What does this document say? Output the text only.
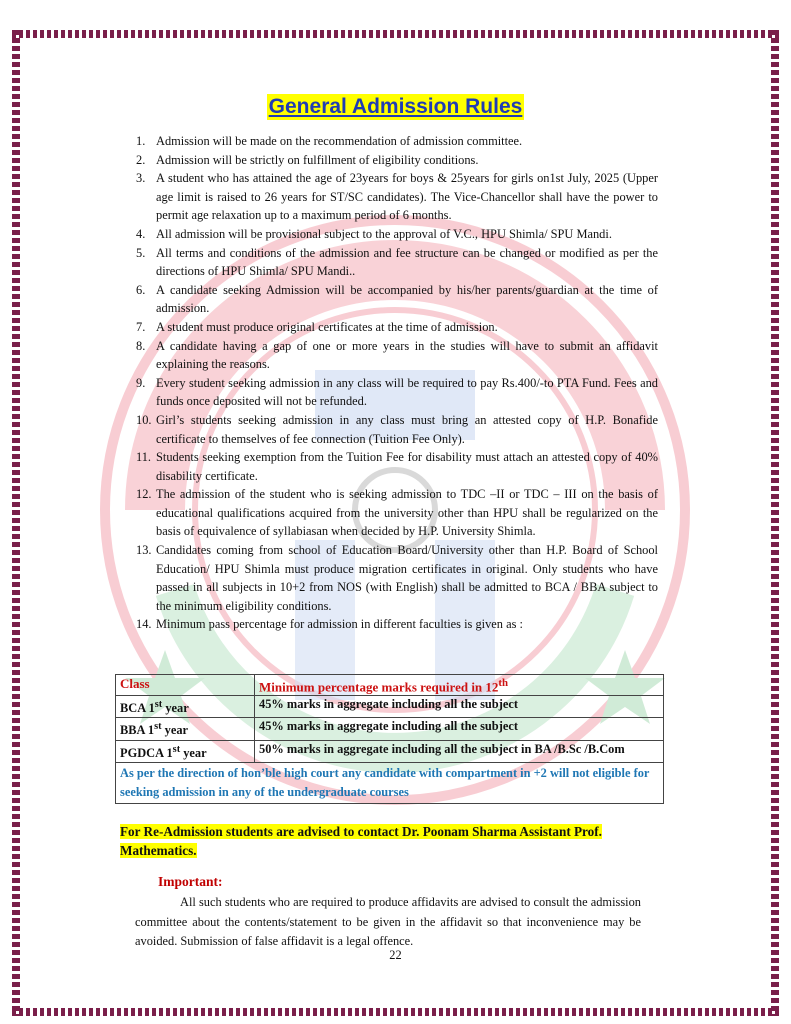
General Admission Rules
1. Admission will be made on the recommendation of admission committee.
2. Admission will be strictly on fulfillment of eligibility conditions.
3. A student who has attained the age of 23years for boys & 25years for girls on1st July, 2025 (Upper age limit is raised to 26 years for ST/SC candidates). The Vice-Chancellor shall have the power to permit age relaxation up to a maximum period of 6 months.
4. All admission will be provisional subject to the approval of V.C., HPU Shimla/ SPU Mandi.
5. All terms and conditions of the admission and fee structure can be changed or modified as per the directions of HPU Shimla/ SPU Mandi..
6. A candidate seeking Admission will be accompanied by his/her parents/guardian at the time of admission.
7. A student must produce original certificates at the time of admission.
8. A candidate having a gap of one or more years in the studies will have to submit an affidavit explaining the reasons.
9. Every student seeking admission in any class will be required to pay Rs.400/-to PTA Fund. Fees and funds once deposited will not be refunded.
10. Girl’s students seeking admission in any class must bring an attested copy of H.P. Bonafide certificate to themselves of fee connection (Tuition Fee Only).
11. Students seeking exemption from the Tuition Fee for disability must attach an attested copy of 40% disability certificate.
12. The admission of the student who is seeking admission to TDC –II or TDC – III on the basis of educational qualifications acquired from the university other than HPU shall be regularized on the basis of equivalence of syllabiasan when decided by H.P. University Shimla.
13. Candidates coming from school of Education Board/University other than H.P. Board of School Education/ HPU Shimla must produce migration certificates in original. Only students who have passed in all subjects in 10+2 from NOS (with English) shall be admitted to BCA / BBA subject to the minimum eligibility conditions.
14. Minimum pass percentage for admission in different faculties is given as :
Class	Minimum percentage marks required in 12th
BCA 1st year	45% marks in aggregate including all the subject
BBA 1st year	45% marks in aggregate including all the subject
PGDCA 1st year	50% marks in aggregate including all the subject in BA /B.Sc /B.Com
As per the direction of hon’ble high court any candidate with compartment in +2 will not eligible for seeking admission in any of the undergraduate courses	
For Re-Admission students are advised to contact Dr. Poonam Sharma Assistant Prof. Mathematics.
Important:
All such students who are required to produce affidavits are advised to consult the admission committee about the contents/statement to be given in the affidavit so that inconvenience may be avoided. Submission of false affidavit is a legal offence.
22
